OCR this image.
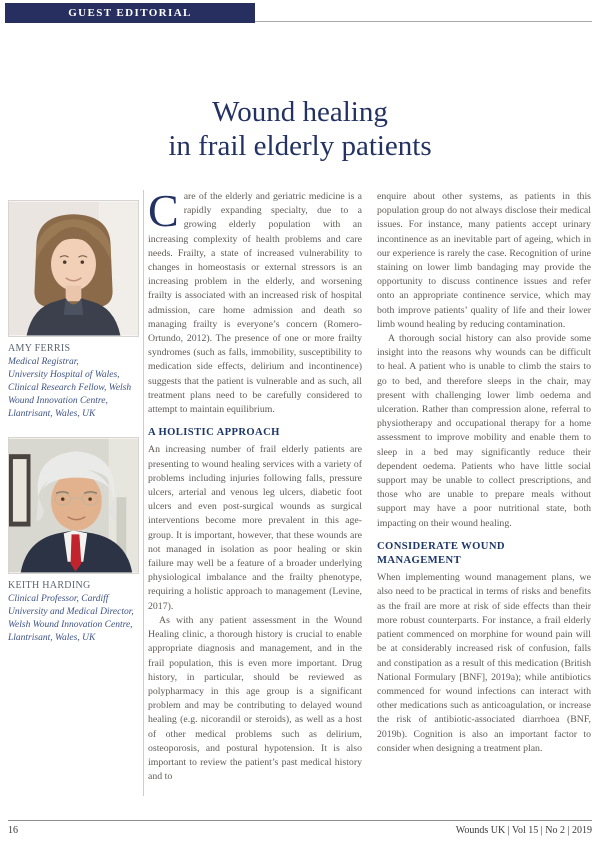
GUEST EDITORIAL
Wound healing
in frail elderly patients
AMY FERRIS
Medical Registrar,
University Hospital of Wales,
Clinical Research Fellow, Welsh
Wound Innovation Centre,
Llantrisant, Wales, UK
KEITH HARDING
Clinical Professor, Cardiff
University and Medical Director,
Welsh Wound Innovation Centre,
Llantrisant, Wales, UK

Care of the elderly and geriatric medicine is a rapidly expanding specialty, due to a growing elderly population with an increasing complexity of health problems and care needs. Frailty, a state of increased vulnerability to changes in homeostasis or external stressors is an increasing problem in the elderly, and worsening frailty is associated with an increased risk of hospital admission, care home admission and death so managing frailty is everyone’s concern (Romero-Ortundo, 2012). The presence of one or more frailty syndromes (such as falls, immobility, susceptibility to medication side effects, delirium and incontinence) suggests that the patient is vulnerable and as such, all treatment plans need to be carefully considered to attempt to maintain equilibrium.

A HOLISTIC APPROACH

An increasing number of frail elderly patients are presenting to wound healing services with a variety of problems including injuries following falls, pressure ulcers, arterial and venous leg ulcers, diabetic foot ulcers and even post-surgical wounds as surgical interventions become more prevalent in this age-group. It is important, however, that these wounds are not managed in isolation as poor healing or skin failure may well be a feature of a broader underlying physiological imbalance and the frailty phenotype, requiring a holistic approach to management (Levine, 2017).

As with any patient assessment in the Wound Healing clinic, a thorough history is crucial to enable appropriate diagnosis and management, and in the frail population, this is even more important. Drug history, in particular, should be reviewed as polypharmacy in this age group is a significant problem and may be contributing to delayed wound healing (e.g. nicorandil or steroids), as well as a host of other medical problems such as delirium, osteoporosis, and postural hypotension. It is also important to review the patient’s past medical history and to

enquire about other systems, as patients in this population group do not always disclose their medical issues. For instance, many patients accept urinary incontinence as an inevitable part of ageing, which in our experience is rarely the case. Recognition of urine staining on lower limb bandaging may provide the opportunity to discuss continence issues and refer onto an appropriate continence service, which may both improve patients’ quality of life and their lower limb wound healing by reducing contamination.

A thorough social history can also provide some insight into the reasons why wounds can be difficult to heal. A patient who is unable to climb the stairs to go to bed, and therefore sleeps in the chair, may present with challenging lower limb oedema and ulceration. Rather than compression alone, referral to physiotherapy and occupational therapy for a home assessment to improve mobility and enable them to sleep in a bed may significantly reduce their dependent oedema. Patients who have little social support may be unable to collect prescriptions, and those who are unable to prepare meals without support may have a poor nutritional state, both impacting on their wound healing.

CONSIDERATE WOUND MANAGEMENT

When implementing wound management plans, we also need to be practical in terms of risks and benefits as the frail are more at risk of side effects than their more robust counterparts. For instance, a frail elderly patient commenced on morphine for wound pain will be at considerably increased risk of confusion, falls and constipation as a result of this medication (British National Formulary [BNF], 2019a); while antibiotics commenced for wound infections can interact with other medications such as anticoagulation, or increase the risk of antibiotic-associated diarrhoea (BNF, 2019b). Cognition is also an important factor to consider when designing a treatment plan.

16	Wounds UK | Vol 15 | No 2 | 2019
